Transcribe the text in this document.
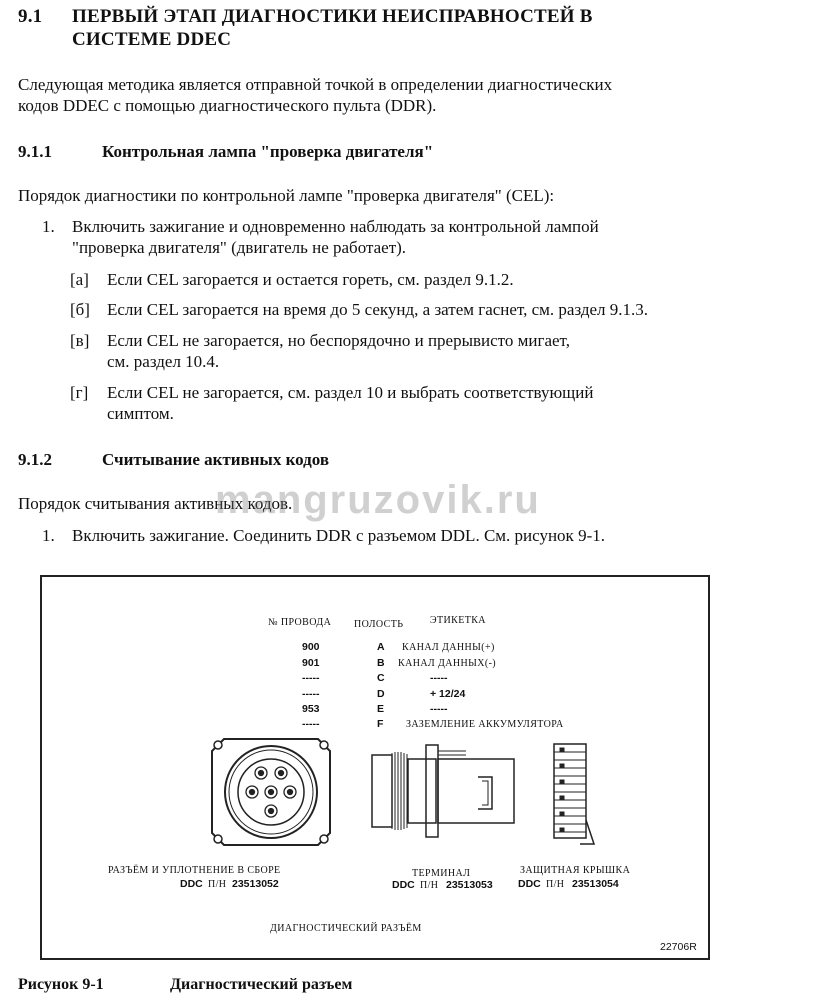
9.1 ПЕРВЫЙ ЭТАП ДИАГНОСТИКИ НЕИСПРАВНОСТЕЙ В
СИСТЕМЕ DDEC
Следующая методика является отправной точкой в определении диагностических
кодов DDEC с помощью диагностического пульта (DDR).
9.1.1	Контрольная лампа "проверка двигателя"
Порядок диагностики по контрольной лампе "проверка двигателя" (CEL):
1. Включить зажигание и одновременно наблюдать за контрольной лампой
"проверка двигателя" (двигатель не работает).
[а] Если CEL загорается и остается гореть, см. раздел 9.1.2.
[б] Если CEL загорается на время до 5 секунд, а затем гаснет, см. раздел 9.1.3.
[в] Если CEL не загорается, но беспорядочно и прерывисто мигает,
см. раздел 10.4.
[г] Если CEL не загорается, см. раздел 10 и выбрать соответствующий
симптом.
9.1.2	Считывание активных кодов
Порядок считывания активных кодов.
mangruzovik.ru
1. Включить зажигание. Соединить DDR с разъемом DDL. См. рисунок 9-1.
№ ПРОВОДА ПОЛОСТЬ	ЭТИКЕТКА
900	A КАНАЛ ДАННЫ(+)
901	B КАНАЛ ДАННЫХ(-)
-----	C	-----
-----	D	+ 12/24
953	E	-----
-----	F ЗАЗЕМЛЕНИЕ АККУМУЛЯТОРА
РАЗЪЁМ И УПЛОТНЕНИЕ В СБОРЕ
DDC П/Н 23513052
ТЕРМИНАЛ
DDC П/Н 23513053
ЗАЩИТНАЯ КРЫШКА
DDC П/Н 23513054
ДИАГНОСТИЧЕСКИЙ РАЗЪЁМ
22706R
Рисунок 9-1	Диагностический разъем
